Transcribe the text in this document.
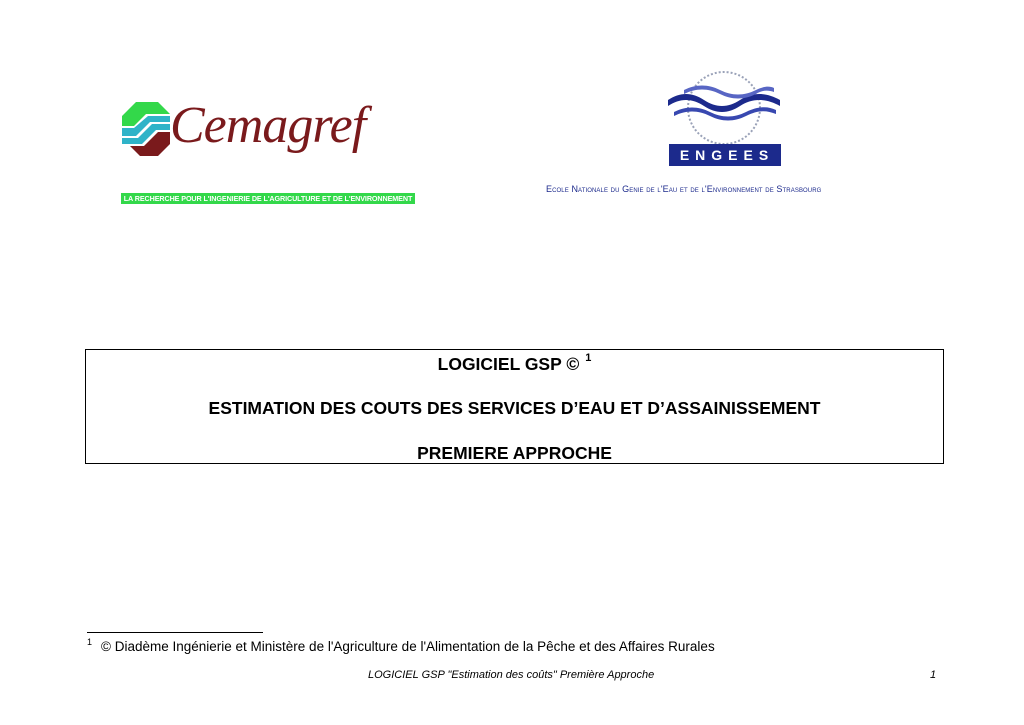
Cemagref
LA RECHERCHE POUR L'INGENIERIE DE L'AGRICULTURE ET DE L'ENVIRONNEMENT
ENGEES
Ecole Nationale du Genie de l'Eau et de l'Environnement de Strasbourg
LOGICIEL GSP © $^1$
ESTIMATION DES COUTS DES SERVICES D’EAU ET D’ASSAINISSEMENT
PREMIERE APPROCHE
$^1$ © Diadème Ingénierie et Ministère de l'Agriculture de l'Alimentation de la Pêche et des Affaires Rurales
LOGICIEL GSP "Estimation des coûts" Première Approche	1
